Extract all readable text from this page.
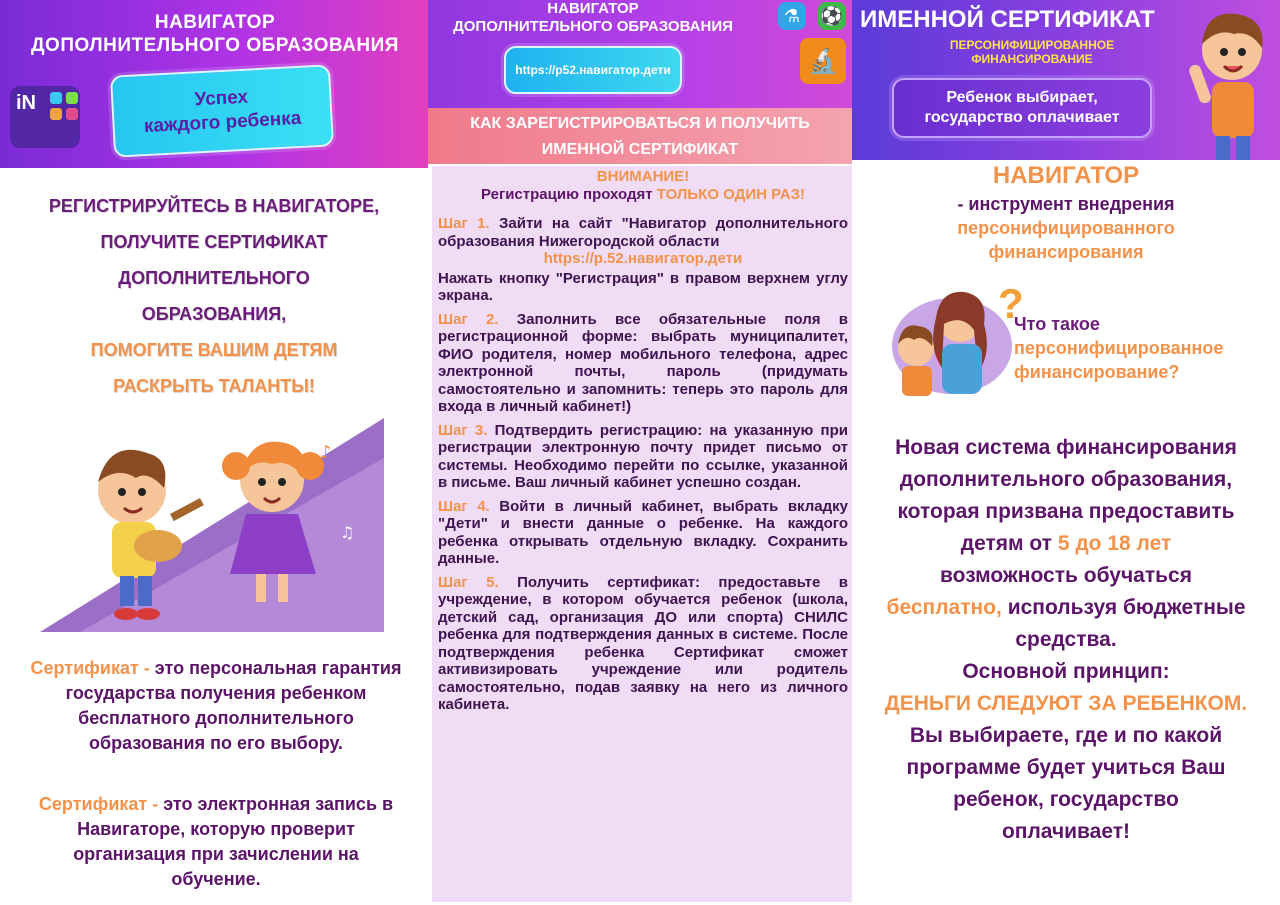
НАВИГАТОР
ДОПОЛНИТЕЛЬНОГО ОБРАЗОВАНИЯ
iN	Успех
каждого ребенка
РЕГИСТРИРУЙТЕСЬ В НАВИГАТОРЕ,
ПОЛУЧИТЕ СЕРТИФИКАТ
ДОПОЛНИТЕЛЬНОГО
ОБРАЗОВАНИЯ,
ПОМОГИТЕ ВАШИМ ДЕТЯМ
РАСКРЫТЬ ТАЛАНТЫ!
♪
♫
Сертификат - это персональная гарантия государства получения ребенком бесплатного дополнительного образования по его выбору.
Сертификат - это электронная запись в Навигаторе, которую проверит организация при зачислении на обучение.
НАВИГАТОР
ДОПОЛНИТЕЛЬНОГО ОБРАЗОВАНИЯ
https://p52.навигатор.дети
⚗	⚽
🔬
КАК ЗАРЕГИСТРИРОВАТЬСЯ И ПОЛУЧИТЬ
ИМЕННОЙ СЕРТИФИКАТ
ВНИМАНИЕ!
Регистрацию проходят ТОЛЬКО ОДИН РАЗ!
Шаг 1. Зайти на сайт "Навигатор дополнительного образования Нижегородской области
https://p.52.навигатор.дети
Нажать кнопку "Регистрация" в правом верхнем углу экрана.
Шаг 2. Заполнить все обязательные поля в регистрационной форме: выбрать муниципалитет, ФИО родителя, номер мобильного телефона, адрес электронной почты, пароль (придумать самостоятельно и запомнить: теперь это пароль для входа в личный кабинет!)
Шаг 3. Подтвердить регистрацию: на указанную при регистрации электронную почту придет письмо от системы. Необходимо перейти по ссылке, указанной в письме. Ваш личный кабинет успешно создан.
Шаг 4. Войти в личный кабинет, выбрать вкладку "Дети" и внести данные о ребенке. На каждого ребенка открывать отдельную вкладку. Сохранить данные.
Шаг 5. Получить сертификат: предоставьте в учреждение, в котором обучается ребенок (школа, детский сад, организация ДО или спорта) СНИЛС ребенка для подтверждения данных в системе. После подтверждения ребенка Сертификат сможет активизировать учреждение или родитель самостоятельно, подав заявку на него из личного кабинета.
ИМЕННОЙ СЕРТИФИКАТ
ПЕРСОНИФИЦИРОВАННОЕ
ФИНАНСИРОВАНИЕ
Ребенок выбирает,
государство оплачивает
НАВИГАТОР
- инструмент внедрения
персонифицированного
финансирования
?
Что такое
персонифицированное
финансирование?
Новая система финансирования
дополнительного образования,
которая призвана предоставить
детям от 5 до 18 лет
возможность обучаться
бесплатно, используя бюджетные
средства.
Основной принцип:
ДЕНЬГИ СЛЕДУЮТ ЗА РЕБЕНКОМ.
Вы выбираете, где и по какой
программе будет учиться Ваш
ребенок, государство
оплачивает!
